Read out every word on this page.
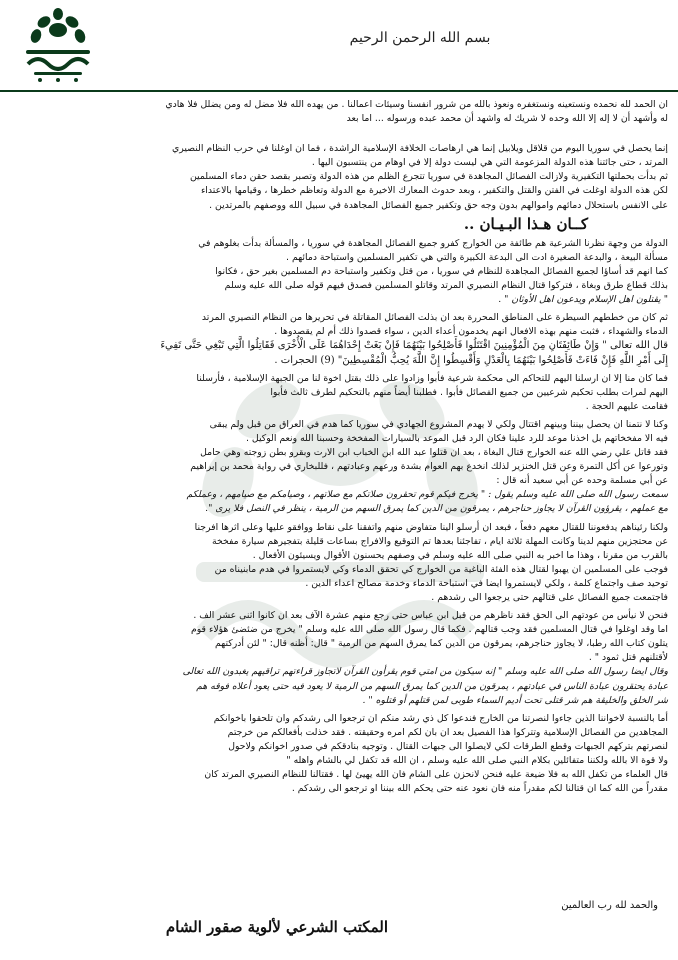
الجبهة الإسلامية
بسم الله الرحمن الرحيم
ان الحمد لله نحمده ونستعينه ونستغفره ونعوذ بالله من شرور انفسنا وسيئات اعمالنا . من يهده الله فلا مضل له ومن يضلل فلا هادي
له وأشهد أن لا إله إلا الله وحده لا شريك له واشهد أن محمد عبده ورسوله ... اما بعد
إنما يحصل في سوريا اليوم من قلاقل ويلابيل إنما هي ارهاصات الخلافة الإسلامية الراشدة ، فما ان اوغلنا في حرب النظام النصيري
المرتد ، حتى جائتنا هذه الدولة المزعومة التي هي ليست دولة إلا في اوهام من ينتسبون اليها .
ثم بدأت بحملتها التكفيرية ولازالت الفصائل المجاهدة في سوريا تتجرع الظلم من هذه الدولة وتصبر بقصد حقن دماء المسلمين
لكن هذه الدولة اوغلت في الفتن والقتل والتكفير ، وبعد حدوث المعارك الاخيرة مع الدولة وتعاظم خطرها ، وقيامها بالاعتداء
على الانفس باستحلال دمائهم واموالهم بدون وجه حق وتكفير جميع الفصائل المجاهدة في سبيل الله ووصفهم بالمرتدين .
كــان هـذا البـيـان ..
الدولة من وجهة نظرنا الشرعية هم طائفة من الخوارج كفرو جميع الفصائل المجاهدة في سوريا ، والمسألة بدأت بغلوهم في
مسألة البيعة ، والبدعة الصغيرة ادت الى البدعة الكبيرة والتي هي تكفير المسلمين واستباحة دمائهم .
كما انهم قد أساؤا لجميع الفصائل المجاهدة للنظام في سوريا ، من قتل وتكفير واستباحة دم المسلمين بغير حق ، فكانوا
بذلك قطاع طرق وبغاة ، فتركوا قتال النظام النصيري المرتد وقاتلو المسلمين فصدق فيهم قوله صلى الله عليه وسلم
" يقتلون اهل الإسلام ويدعون اهل الأوثان " .
ثم كان من خططهم السيطرة على المناطق المحررة بعد ان بذلت الفصائل المقاتلة في تحريرها من النظام النصيري المرتد
الدماء والشهداء ، فثبت منهم بهذه الافعال انهم يخدمون أعداء الدين ، سواء قصدوا ذلك أم لم يقصدوها .
قال الله تعالى " وَإِنْ طَائِفَتَانِ مِنَ الْمُؤْمِنِينَ اقْتَتَلُوا فَأَصْلِحُوا بَيْنَهُمَا فَإِنْ بَغَتْ إِحْدَاهُمَا عَلَى الْأُخْرَى فَقَاتِلُوا الَّتِي تَبْغِي حَتَّى تَفِيءَ
إِلَى أَمْرِ اللَّهِ فَإِنْ فَاءَتْ فَأَصْلِحُوا بَيْنَهُمَا بِالْعَدْلِ وَأَقْسِطُوا إِنَّ اللَّهَ يُحِبُّ الْمُقْسِطِينَ" (9) الحجرات .
فما كان منا إلا ان ارسلنا اليهم للتحاكم الى محكمة شرعية فأبوا وزادوا على ذلك بقتل اخوة لنا من الجبهة الإسلامية ، فأرسلنا
اليهم لمرات بطلب تحكيم شرعيين من جميع الفصائل فأبوا . فطلبنا أيضاً منهم بالتحكيم لطرف ثالث فأبوا
فقامت عليهم الحجة .
وكنا لا نتمنا ان يحصل بيننا وبينهم اقتتال ولكي لا يهدم المشروع الجهادي في سوريا كما هدم في العراق من قبل ولم يبقى
فيه الا مفخخاتهم بل اخذنا موعد للرد علينا فكان الرد قبل الموعد بالسيارات المفخخة وحسبنا الله ونعم الوكيل .
فقد قاتل علي رضي الله عنه الخوارج قتال البغاة ، بعد ان قتلوا عبد الله ابن الخباب ابن الارت وبقرو بطن زوجته وهي حامل
وتورعوا عن أكل التمرة وعن قتل الخنزير لذلك انخدع بهم العوام بشدة ورعهم وعبادتهم ، فللبخاري في رواية محمد بن إبراهيم
عن أبي مسلمة وحده عن أبي سعيد أنه قال :
سمعت رسول الله صلى الله عليه وسلم يقول : " يخرج فيكم قوم تحقرون صلاتكم مع صلاتهم ، وصيامكم مع صيامهم ، وعملكم
مع عملهم ، يقرؤون القرآن لا يجاوز حناجرهم ، يمرقون من الدين كما يمرق السهم من الرمية ، ينظر في النصل فلا يرى ".
ولكنا رئيناهم يدفعوننا للقتال معهم دفعاً ، فبعد ان أرسلو الينا متفاوض منهم واتفقنا على نقاط ووافقو عليها وعلى اثرها افرجنا
عن محتجزين منهم لدينا وكانت المهلة ثلاثة ايام ، تفاجئنا بعدها تم التوقيع والافراج بساعات قليلة بتفجيرهم سيارة مفخخة
بالقرب من مقرنا ، وهذا ما اخبر به النبي صلى الله عليه وسلم في وصفهم يحسنون الأقوال ويسيئون الأفعال .
فوجب على المسلمين ان يهبوا لقتال هذه الفئة الباغية من الخوارج كي تحقق الدماء وكي لايستمروا في هدم مابنيناه من
توحيد صف واجتماع كلمة ، ولكي لايستمروا ايضا في استباحة الدماء وخدمة مصالح اعداء الدين .
فاجتمعت جميع الفصائل على قتالهم حتى يرجعوا الى رشدهم .
فنحن لا نيأس من عودتهم الى الحق فقد ناظرهم من قبل ابن عباس حتى رجع منهم عشرة الآف بعد ان كانوا اثنى عشر الف .
اما وقد اوغلوا في قتال المسلمين فقد وجب قتالهم . فكما قال رسول الله صلى الله عليه وسلم " يخرج من ضئضئ هؤلاء قوم
يتلون كتاب الله رطبا، لا يجاوز حناجرهم، يمرقون من الدين كما يمرق السهم من الرمية " قال: أظنه قال: " لئن أدركتهم
لأقتلنهم قتل ثمود " .
وقال ايضا رسول الله صلى الله عليه وسلم " إنه سيكون من امتي قوم يقرأون القرآن لاتجاوز قراءتهم تراقيهم يغبدون الله تعالى
عبادة يحتقرون عبادة الناس في عبادتهم ، يمرقون من الدين كما يمرق السهم من الرمية لا يعود فيه حتى يعود أعلاه فوقه هم
شر الخلق والخليقة هم شر قتلى تحت أديم السماء طوبى لمن قتلهم أو قتلوه " .
أما بالنسبة لاخواننا الذين جاءوا لنصرتنا من الخارج فندعوا كل ذي رشد منكم ان ترجعوا الى رشدكم وان تلحقوا باخوانكم
المجاهدين من الفصائل الإسلامية وتتركوا هذا الفصيل بعد ان بان لكم امره وحقيقته . فقد خذلت بأفعالكم من خرجتم
لنصرتهم بتركهم الجبهات وقطع الطرقات لكي لايصلوا الى جبهات القتال . وتوجيه بنادقكم في صدور اخوانكم ولاحول
ولا قوة الا بالله ولكننا متفائلين بكلام النبي صلى الله عليه وسلم ، ان الله قد تكفل لي بالشام واهله "
قال العلماء من تكفل الله به فلا ضيعة عليه فنحن لانحزن على الشام فان الله يهيئ لها . فقتالنا للنظام النصيري المرتد كان
مقدراً من الله كما ان قتالنا لكم مقدراً منه فان نعود عنه حتى يحكم الله بيننا او ترجعو الى رشدكم .
والحمد لله رب العالمين
المكتب الشرعي لألوية صقور الشام
